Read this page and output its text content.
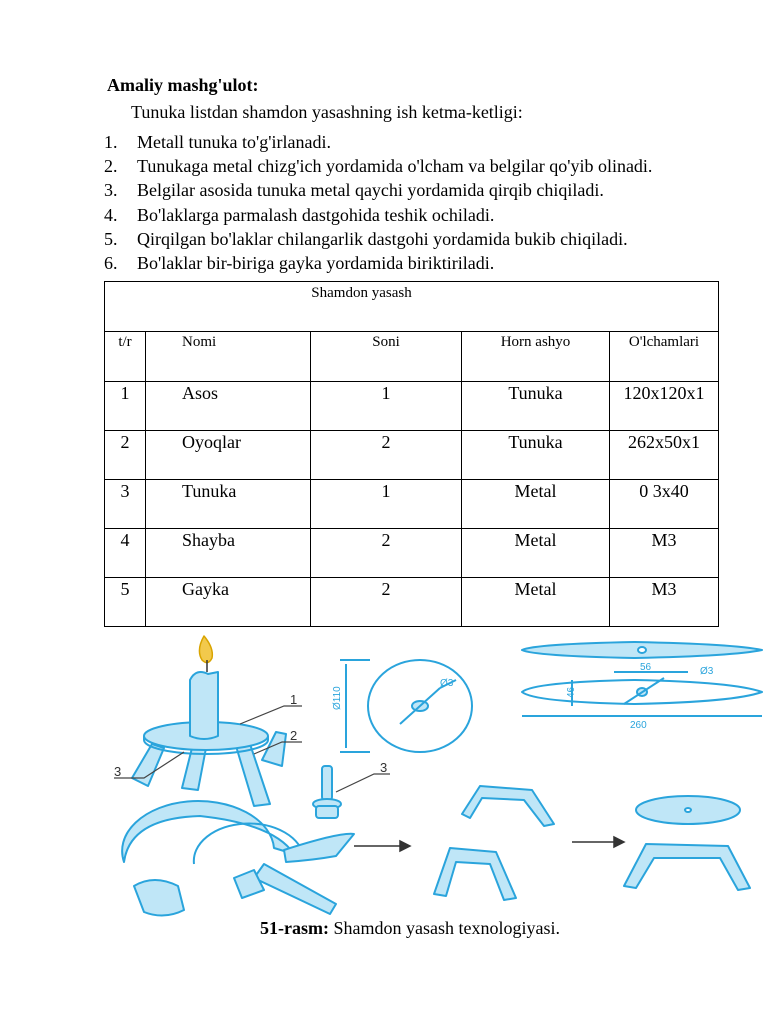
Amaliy mashg'ulot:
Tunuka listdan shamdon yasashning ish ketma-ketligi:
1. Metall tunuka to'g'irlanadi.
2. Tunukaga metal chizg'ich yordamida o'lcham va belgilar qo'yib olinadi.
3. Belgilar asosida tunuka metal qaychi yordamida qirqib chiqiladi.
4. Bo'laklarga parmalash dastgohida teshik ochiladi.
5. Qirqilgan bo'laklar chilangarlik dastgohi yordamida bukib chiqiladi.
6. Bo'laklar bir-biriga gayka yordamida biriktiriladi.
Shamdon yasash				
t/r	Nomi	Soni	Horn ashyo	O'lchamlari
1	Asos	1	Tunuka	120x120x1
2	Oyoqlar	2	Tunuka	262x50x1
3	Tunuka	1	Metal	0 3x40
4	Shayba	2	Metal	M3
5	Gayka	2	Metal	M3
1
2
3	3
Ø110
Ø3
56	Ø3
46
260
51-rasm: Shamdon yasash texnologiyasi.
